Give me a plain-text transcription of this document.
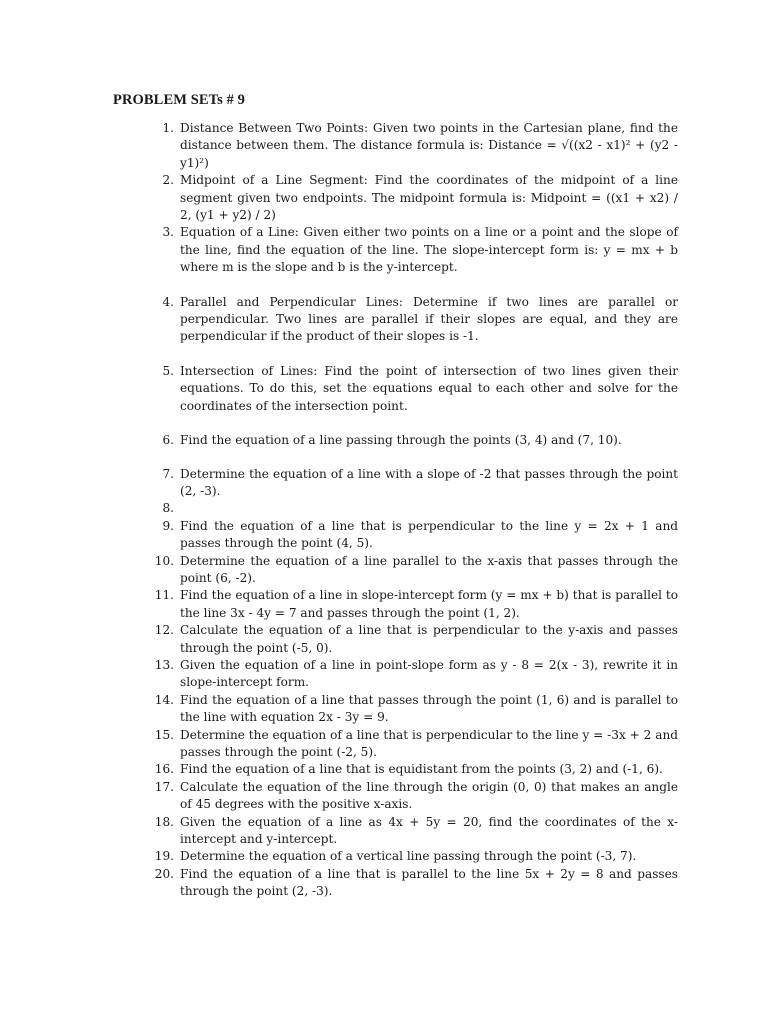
PROBLEM SETs # 9
1. Distance Between Two Points: Given two points in the Cartesian plane, find the distance between them. The distance formula is: Distance = √((x2 - x1)² + (y2 - y1)²)
2. Midpoint of a Line Segment: Find the coordinates of the midpoint of a line segment given two endpoints. The midpoint formula is: Midpoint = ((x1 + x2) / 2, (y1 + y2) / 2)
3. Equation of a Line: Given either two points on a line or a point and the slope of the line, find the equation of the line. The slope-intercept form is: y = mx + b where m is the slope and b is the y-intercept.
4. Parallel and Perpendicular Lines: Determine if two lines are parallel or perpendicular. Two lines are parallel if their slopes are equal, and they are perpendicular if the product of their slopes is -1.
5. Intersection of Lines: Find the point of intersection of two lines given their equations. To do this, set the equations equal to each other and solve for the coordinates of the intersection point.
6. Find the equation of a line passing through the points (3, 4) and (7, 10).
7. Determine the equation of a line with a slope of -2 that passes through the point (2, -3).
8.
9. Find the equation of a line that is perpendicular to the line y = 2x + 1 and passes through the point (4, 5).
10. Determine the equation of a line parallel to the x-axis that passes through the point (6, -2).
11. Find the equation of a line in slope-intercept form (y = mx + b) that is parallel to the line 3x - 4y = 7 and passes through the point (1, 2).
12. Calculate the equation of a line that is perpendicular to the y-axis and passes through the point (-5, 0).
13. Given the equation of a line in point-slope form as y - 8 = 2(x - 3), rewrite it in slope-intercept form.
14. Find the equation of a line that passes through the point (1, 6) and is parallel to the line with equation 2x - 3y = 9.
15. Determine the equation of a line that is perpendicular to the line y = -3x + 2 and passes through the point (-2, 5).
16. Find the equation of a line that is equidistant from the points (3, 2) and (-1, 6).
17. Calculate the equation of the line through the origin (0, 0) that makes an angle of 45 degrees with the positive x-axis.
18. Given the equation of a line as 4x + 5y = 20, find the coordinates of the x-intercept and y-intercept.
19. Determine the equation of a vertical line passing through the point (-3, 7).
20. Find the equation of a line that is parallel to the line 5x + 2y = 8 and passes through the point (2, -3).
